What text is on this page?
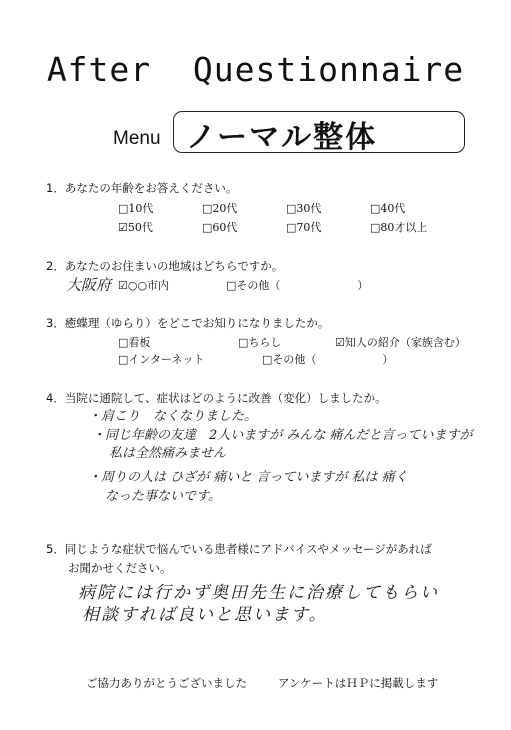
After  Questionnaire
Menu ノーマル整体
1．あなたの年齢をお答えください。
□10代	□20代	□30代	□40代
☑50代	□60代	□70代	□80才以上
2．あなたのお住まいの地域はどちらですか。
大阪府 ☑○○市内	□その他（　　　　　　　）
3．癒蝶理（ゆらり）をどこでお知りになりましたか。
□看板	□ちらし	☑知人の紹介（家族含む）
□インターネット	□その他（　　　　　　）
4．当院に通院して、症状はどのように改善（変化）しましたか。
・肩こり　なくなりました。
・同じ年齢の友達　2人いますが みんな 痛んだと言っていますが
　私は全然痛みません
・周りの人は ひざが 痛いと 言っていますが 私は 痛く
　なった事ないです。
5．同じような症状で悩んでいる患者様にアドバイスやメッセージがあれば
お聞かせください。
病院には行かず奥田先生に治療してもらい
相談すれば良いと思います。
ご協力ありがとうございました	アンケートはＨＰに掲載します
